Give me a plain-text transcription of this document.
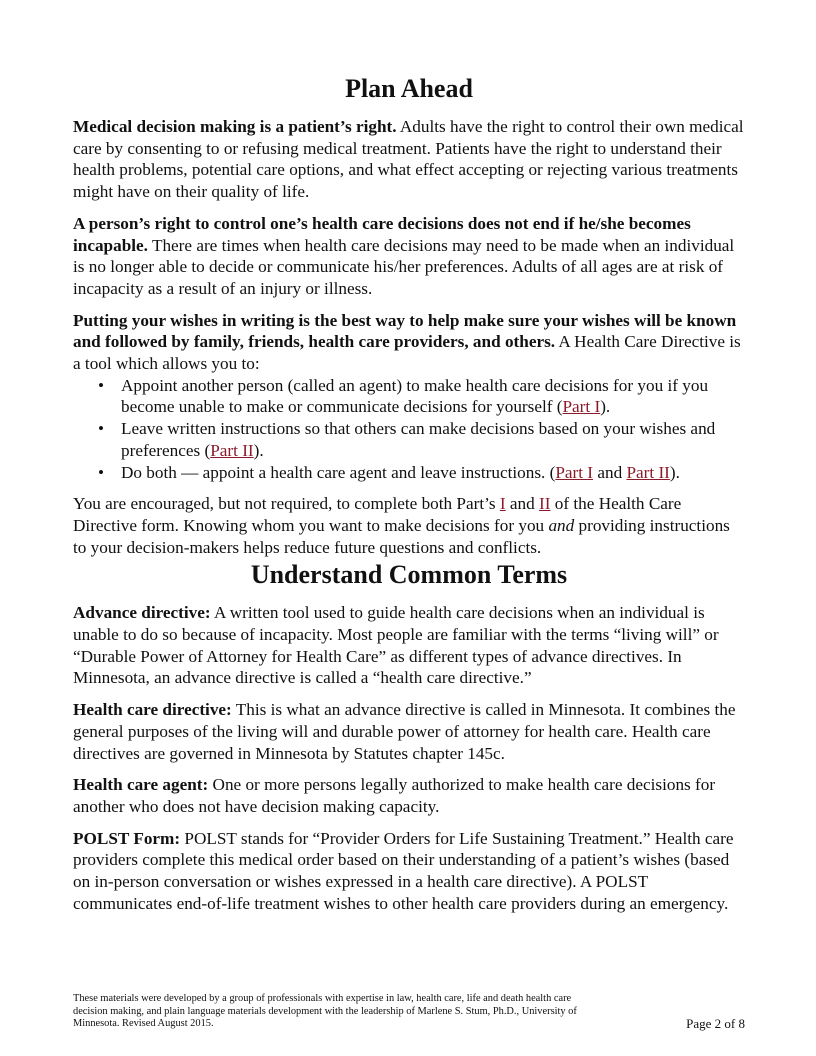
Plan Ahead

Medical decision making is a patient’s right. Adults have the right to control their own medical care by consenting to or refusing medical treatment. Patients have the right to understand their health problems, potential care options, and what effect accepting or rejecting various treatments might have on their quality of life.

A person’s right to control one’s health care decisions does not end if he/she becomes incapable. There are times when health care decisions may need to be made when an individual is no longer able to decide or communicate his/her preferences. Adults of all ages are at risk of incapacity as a result of an injury or illness.

Putting your wishes in writing is the best way to help make sure your wishes will be known and followed by family, friends, health care providers, and others. A Health Care Directive is a tool which allows you to:

• Appoint another person (called an agent) to make health care decisions for you if you become unable to make or communicate decisions for yourself (Part I).
• Leave written instructions so that others can make decisions based on your wishes and preferences (Part II).
• Do both — appoint a health care agent and leave instructions. (Part I and Part II).

You are encouraged, but not required, to complete both Part’s I and II of the Health Care Directive form. Knowing whom you want to make decisions for you and providing instructions to your decision-makers helps reduce future questions and conflicts.

Understand Common Terms

Advance directive: A written tool used to guide health care decisions when an individual is unable to do so because of incapacity. Most people are familiar with the terms “living will” or “Durable Power of Attorney for Health Care” as different types of advance directives. In Minnesota, an advance directive is called a “health care directive.”

Health care directive: This is what an advance directive is called in Minnesota. It combines the general purposes of the living will and durable power of attorney for health care. Health care directives are governed in Minnesota by Statutes chapter 145c.

Health care agent: One or more persons legally authorized to make health care decisions for another who does not have decision making capacity.

POLST Form: POLST stands for “Provider Orders for Life Sustaining Treatment.” Health care providers complete this medical order based on their understanding of a patient’s wishes (based on in-person conversation or wishes expressed in a health care directive). A POLST communicates end-of-life treatment wishes to other health care providers during an emergency.

These materials were developed by a group of professionals with expertise in law, health care, life and death health care decision making, and plain language materials development with the leadership of Marlene S. Stum, Ph.D., University of Minnesota. Revised August 2015.	Page 2 of 8
